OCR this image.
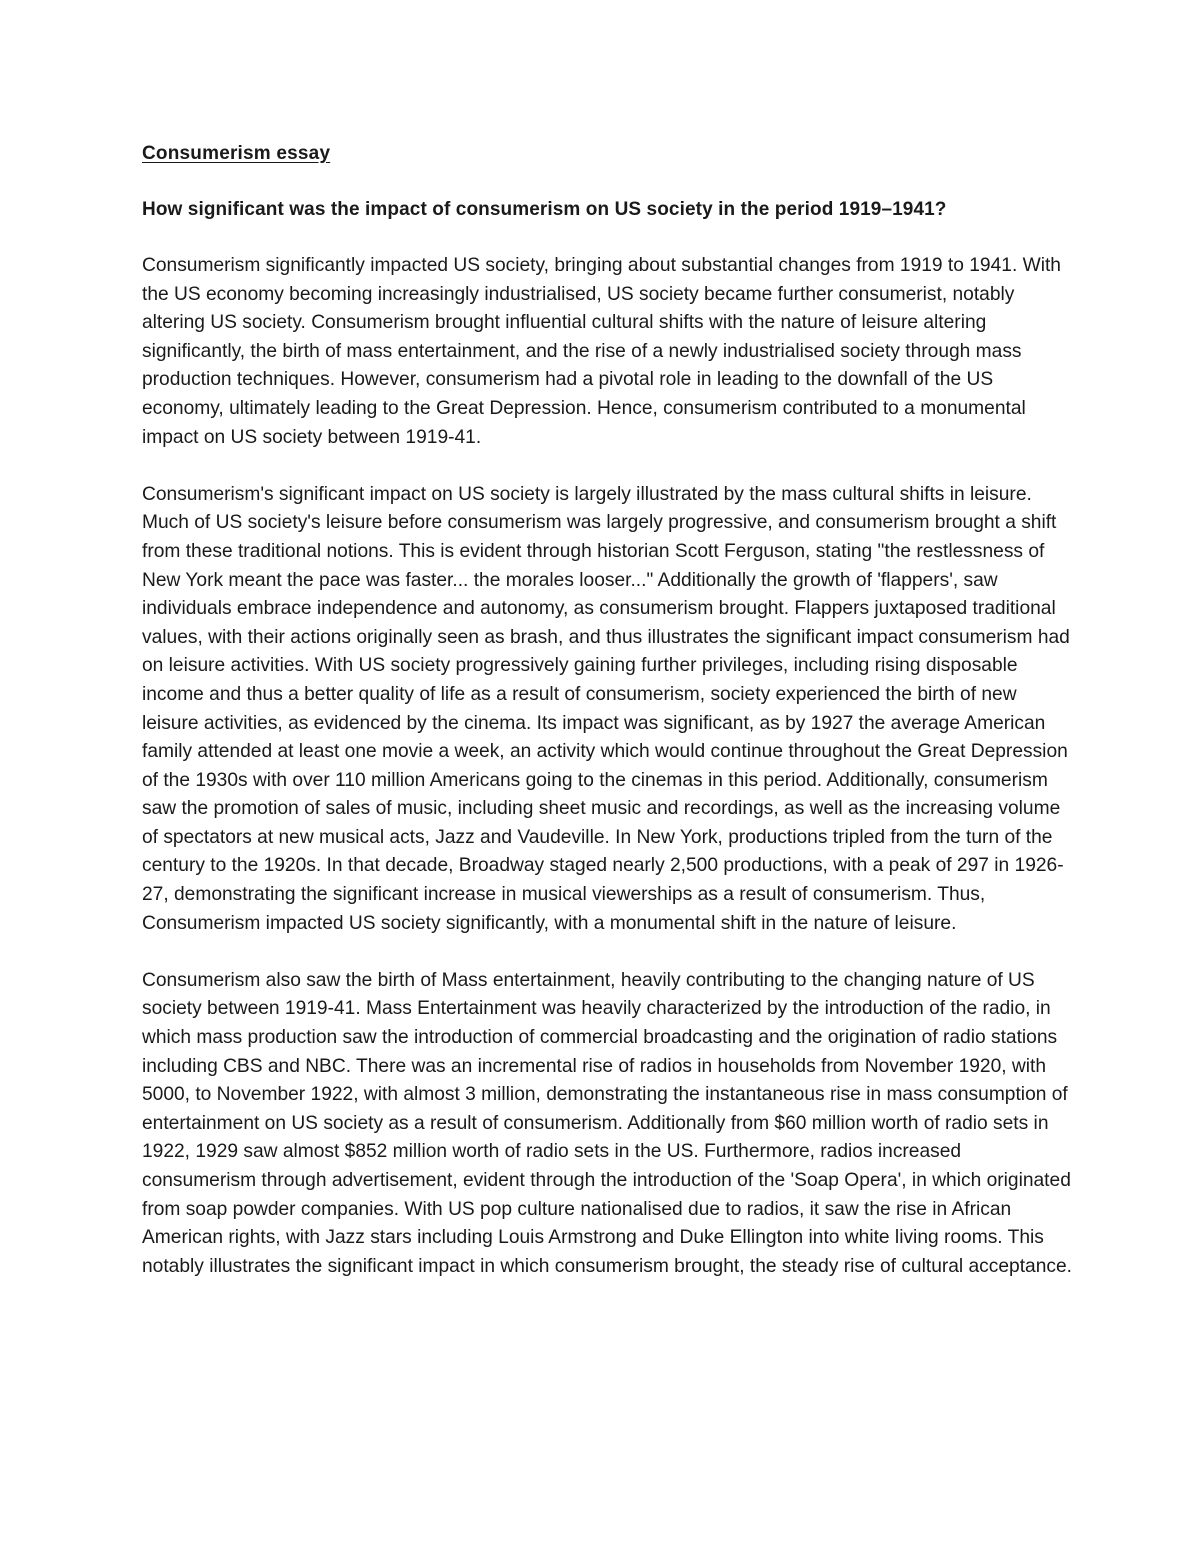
Consumerism essay
How significant was the impact of consumerism on US society in the period 1919–1941?

Consumerism significantly impacted US society, bringing about substantial changes from 1919 to 1941. With the US economy becoming increasingly industrialised, US society became further consumerist, notably altering US society. Consumerism brought influential cultural shifts with the nature of leisure altering significantly, the birth of mass entertainment, and the rise of a newly industrialised society through mass production techniques. However, consumerism had a pivotal role in leading to the downfall of the US economy, ultimately leading to the Great Depression. Hence, consumerism contributed to a monumental impact on US society between 1919-41.

Consumerism's significant impact on US society is largely illustrated by the mass cultural shifts in leisure. Much of US society's leisure before consumerism was largely progressive, and consumerism brought a shift from these traditional notions. This is evident through historian Scott Ferguson, stating "the restlessness of New York meant the pace was faster... the morales looser..." Additionally the growth of 'flappers', saw individuals embrace independence and autonomy, as consumerism brought. Flappers juxtaposed traditional values, with their actions originally seen as brash, and thus illustrates the significant impact consumerism had on leisure activities. With US society progressively gaining further privileges, including rising disposable income and thus a better quality of life as a result of consumerism, society experienced the birth of new leisure activities, as evidenced by the cinema. Its impact was significant, as by 1927 the average American family attended at least one movie a week, an activity which would continue throughout the Great Depression of the 1930s with over 110 million Americans going to the cinemas in this period. Additionally, consumerism saw the promotion of sales of music, including sheet music and recordings, as well as the increasing volume of spectators at new musical acts, Jazz and Vaudeville. In New York, productions tripled from the turn of the century to the 1920s. In that decade, Broadway staged nearly 2,500 productions, with a peak of 297 in 1926-27, demonstrating the significant increase in musical viewerships as a result of consumerism. Thus, Consumerism impacted US society significantly, with a monumental shift in the nature of leisure.

Consumerism also saw the birth of Mass entertainment, heavily contributing to the changing nature of US society between 1919-41. Mass Entertainment was heavily characterized by the introduction of the radio, in which mass production saw the introduction of commercial broadcasting and the origination of radio stations including CBS and NBC. There was an incremental rise of radios in households from November 1920, with 5000, to November 1922, with almost 3 million, demonstrating the instantaneous rise in mass consumption of entertainment on US society as a result of consumerism. Additionally from $60 million worth of radio sets in 1922, 1929 saw almost $852 million worth of radio sets in the US. Furthermore, radios increased consumerism through advertisement, evident through the introduction of the 'Soap Opera', in which originated from soap powder companies. With US pop culture nationalised due to radios, it saw the rise in African American rights, with Jazz stars including Louis Armstrong and Duke Ellington into white living rooms. This notably illustrates the significant impact in which consumerism brought, the steady rise of cultural acceptance.
